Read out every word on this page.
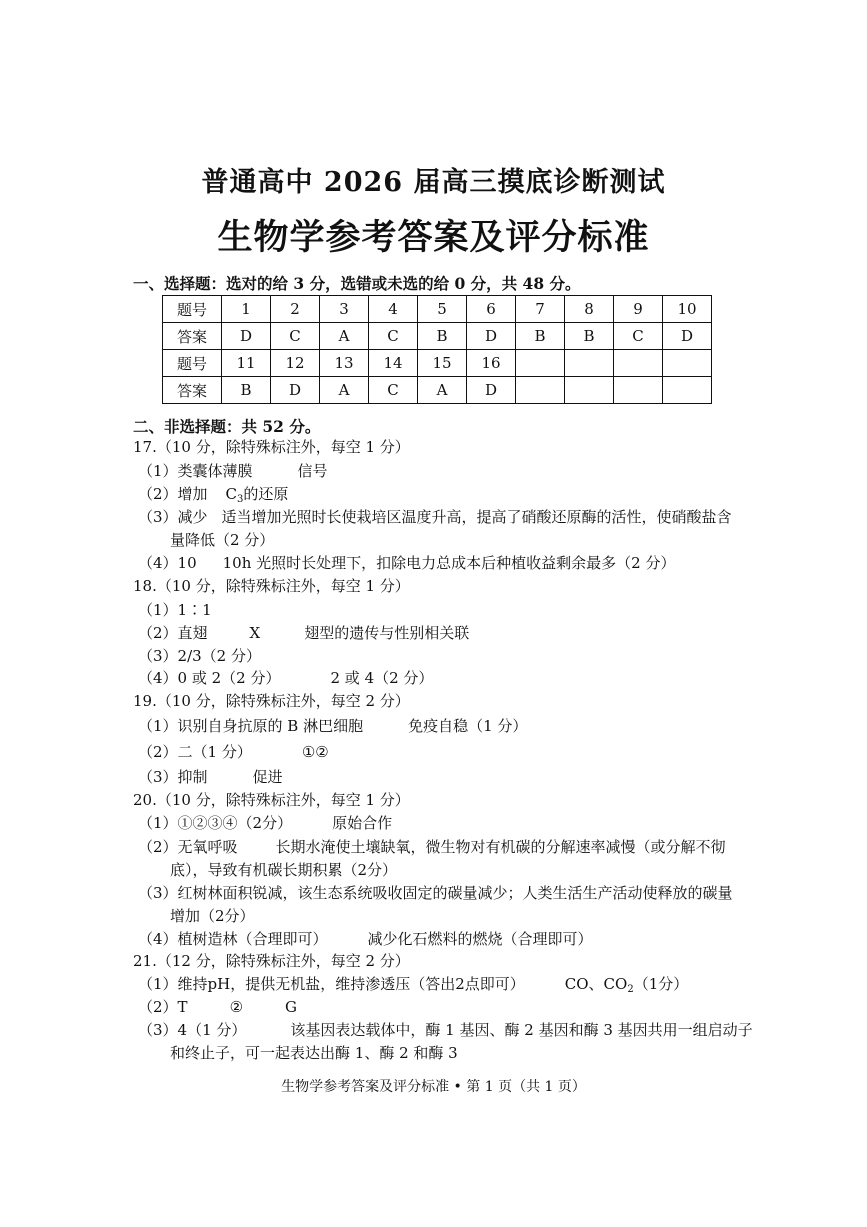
普通高中 2026 届高三摸底诊断测试
生物学参考答案及评分标准
一、选择题：选对的给 3 分，选错或未选的给 0 分，共 48 分。
题号	1	2	3	4	5	6	7	8	9	10
答案	D	C	A	C	B	D	B	B	C	D
题号	11	12	13	14	15	16				
答案	B	D	A	C	A	D				
二、非选择题：共 52 分。
17.（10 分，除特殊标注外，每空 1 分）
（1）类囊体薄膜	信号
（2）增加 $C_3$的还原
（3）减少 适当增加光照时长使栽培区温度升高，提高了硝酸还原酶的活性，使硝酸盐含
量降低（2 分）
（4）10 10h 光照时长处理下，扣除电力总成本后种植收益剩余最多（2 分）
18.（10 分，除特殊标注外，每空 1 分）
（1）1∶1
（2）直翅	X	翅型的遗传与性别相关联
（3）2/3（2 分）
（4）0 或 2（2 分）	2 或 4（2 分）
19.（10 分，除特殊标注外，每空 2 分）
（1）识别自身抗原的 B 淋巴细胞	免疫自稳（1 分）
（2）二（1 分）	①②
（3）抑制	促进
20.（10 分，除特殊标注外，每空 1 分）
（1）①②③④（2分）	原始合作
（2）无氧呼吸	长期水淹使土壤缺氧，微生物对有机碳的分解速率减慢（或分解不彻
底），导致有机碳长期积累（2分）
（3）红树林面积锐减，该生态系统吸收固定的碳量减少；人类生活生产活动使释放的碳量
增加（2分）
（4）植树造林（合理即可）	减少化石燃料的燃烧（合理即可）
21.（12 分，除特殊标注外，每空 2 分）
（1）维持pH，提供无机盐，维持渗透压（答出2点即可）	CO、$CO_2(1$分）
（2）T	②	G
（3）4（1 分）	该基因表达载体中，酶 1 基因、酶 2 基因和酶 3 基因共用一组启动子
和终止子，可一起表达出酶 1、酶 2 和酶 3
生物学参考答案及评分标准 • 第 1 页（共 1 页）
